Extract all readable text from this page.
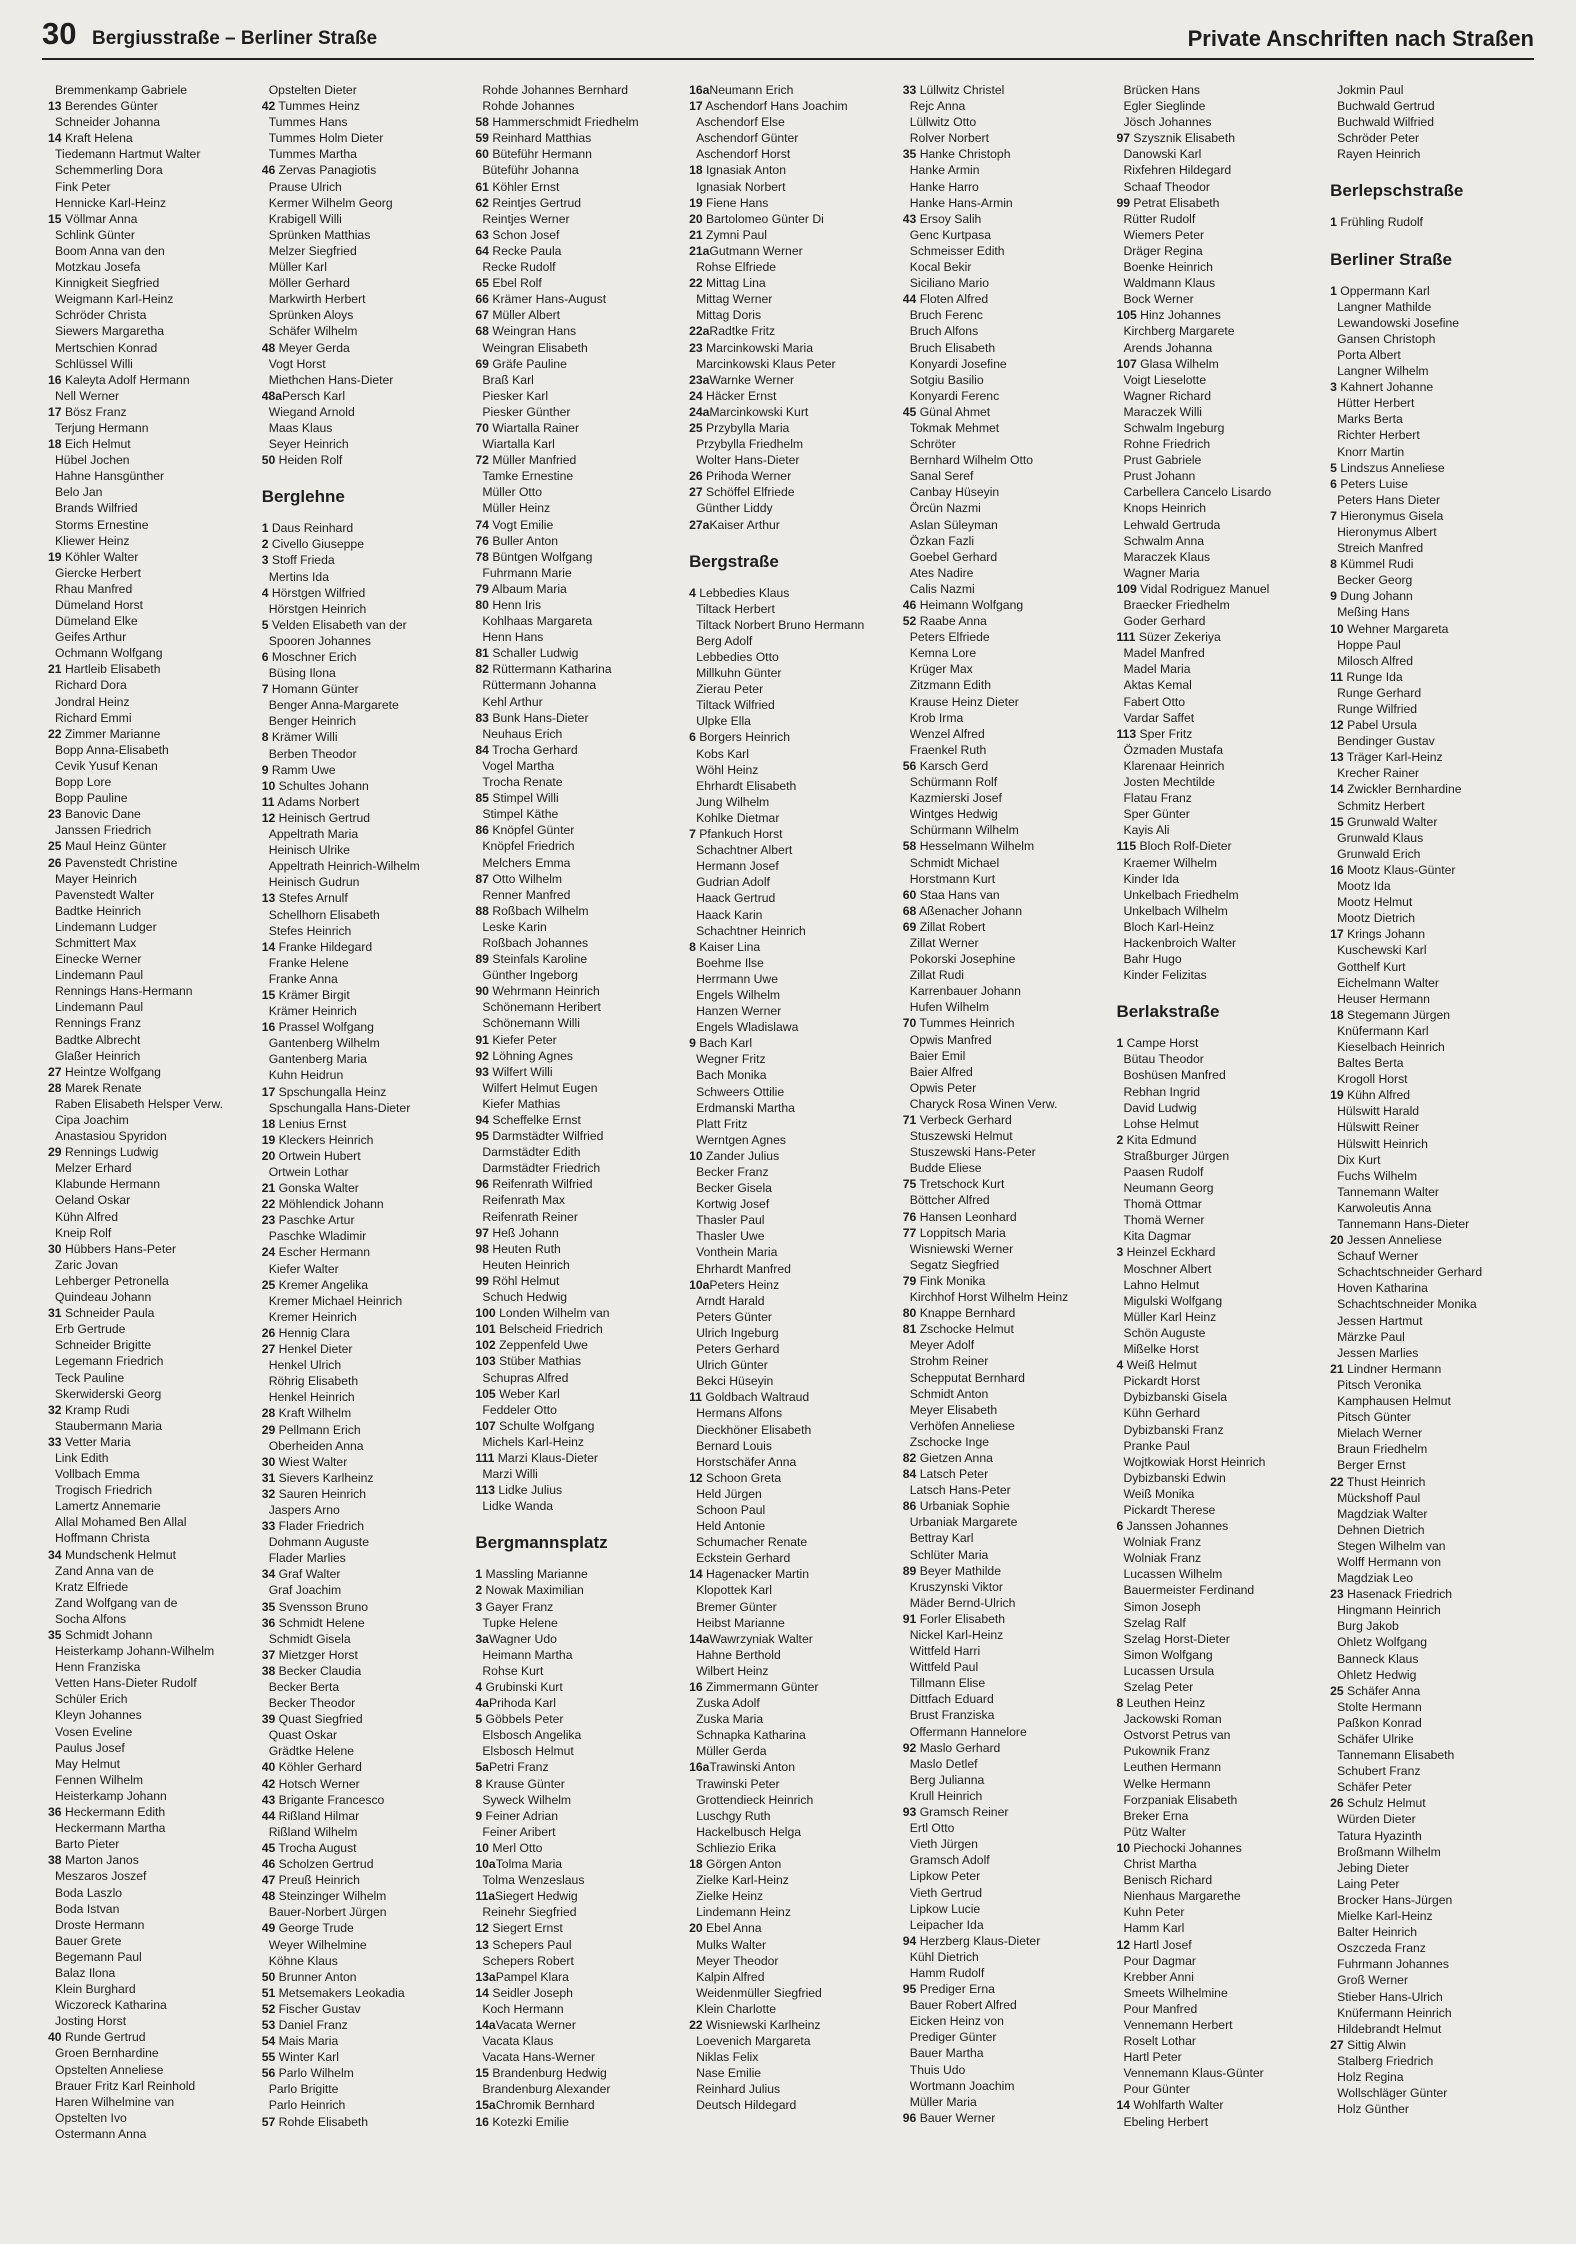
30 Bergiusstraße – Berliner Straße	Private Anschriften nach Straßen
Bremmenkamp Gabriele
13 Berendes Günter
Schneider Johanna
14 Kraft Helena
Tiedemann Hartmut Walter
Schemmerling Dora
Fink Peter
Hennicke Karl-Heinz
15 Völlmar Anna
Schlink Günter
Boom Anna van den
Motzkau Josefa
Kinnigkeit Siegfried
Weigmann Karl-Heinz
Schröder Christa
Siewers Margaretha
Mertschien Konrad
Schlüssel Willi
16 Kaleyta Adolf Hermann
Nell Werner
17 Bösz Franz
Terjung Hermann
18 Eich Helmut
Hübel Jochen
Hahne Hansgünther
Belo Jan
Brands Wilfried
Storms Ernestine
Kliewer Heinz
19 Köhler Walter
Giercke Herbert
Rhau Manfred
Dümeland Horst
Dümeland Elke
Geifes Arthur
Ochmann Wolfgang
21 Hartleib Elisabeth
Richard Dora
Jondral Heinz
Richard Emmi
22 Zimmer Marianne
Bopp Anna-Elisabeth
Cevik Yusuf Kenan
Bopp Lore
Bopp Pauline
23 Banovic Dane
Janssen Friedrich
25 Maul Heinz Günter
26 Pavenstedt Christine
Mayer Heinrich
Pavenstedt Walter
Badtke Heinrich
Lindemann Ludger
Schmittert Max
Einecke Werner
Lindemann Paul
Rennings Hans-Hermann
Lindemann Paul
Rennings Franz
Badtke Albrecht
Glaßer Heinrich
27 Heintze Wolfgang
28 Marek Renate
Raben Elisabeth Helsper Verw.
Cipa Joachim
Anastasiou Spyridon
29 Rennings Ludwig
Melzer Erhard
Klabunde Hermann
Oeland Oskar
Kühn Alfred
Kneip Rolf
30 Hübbers Hans-Peter
Zaric Jovan
Lehberger Petronella
Quindeau Johann
31 Schneider Paula
Erb Gertrude
Schneider Brigitte
Legemann Friedrich
Teck Pauline
Skerwiderski Georg
32 Kramp Rudi
Staubermann Maria
33 Vetter Maria
Link Edith
Vollbach Emma
Trogisch Friedrich
Lamertz Annemarie
Allal Mohamed Ben Allal
Hoffmann Christa
34 Mundschenk Helmut
Zand Anna van de
Kratz Elfriede
Zand Wolfgang van de
Socha Alfons
35 Schmidt Johann
Heisterkamp Johann-Wilhelm
Henn Franziska
Vetten Hans-Dieter Rudolf
Schüler Erich
Kleyn Johannes
Vosen Eveline
Paulus Josef
May Helmut
Fennen Wilhelm
Heisterkamp Johann
36 Heckermann Edith
Heckermann Martha
Barto Pieter
38 Marton Janos
Meszaros Joszef
Boda Laszlo
Boda Istvan
Droste Hermann
Bauer Grete
Begemann Paul
Balaz Ilona
Klein Burghard
Wiczoreck Katharina
Josting Horst
40 Runde Gertrud
Groen Bernhardine
Opstelten Anneliese
Brauer Fritz Karl Reinhold
Haren Wilhelmine van
Opstelten Ivo
Ostermann Anna
Opstelten Dieter
42 Tummes Heinz
Tummes Hans
Tummes Holm Dieter
Tummes Martha
46 Zervas Panagiotis
Prause Ulrich
Kermer Wilhelm Georg
Krabigell Willi
Sprünken Matthias
Melzer Siegfried
Müller Karl
Möller Gerhard
Markwirth Herbert
Sprünken Aloys
Schäfer Wilhelm
48 Meyer Gerda
Vogt Horst
Miethchen Hans-Dieter
48aPersch Karl
Wiegand Arnold
Maas Klaus
Seyer Heinrich
50 Heiden Rolf
Berglehne
1 Daus Reinhard
2 Civello Giuseppe
3 Stoff Frieda
Mertins Ida
4 Hörstgen Wilfried
Hörstgen Heinrich
5 Velden Elisabeth van der
Spooren Johannes
6 Moschner Erich
Büsing Ilona
7 Homann Günter
Benger Anna-Margarete
Benger Heinrich
8 Krämer Willi
Berben Theodor
9 Ramm Uwe
10 Schultes Johann
11 Adams Norbert
12 Heinisch Gertrud
Appeltrath Maria
Heinisch Ulrike
Appeltrath Heinrich-Wilhelm
Heinisch Gudrun
13 Stefes Arnulf
Schellhorn Elisabeth
Stefes Heinrich
14 Franke Hildegard
Franke Helene
Franke Anna
15 Krämer Birgit
Krämer Heinrich
16 Prassel Wolfgang
Gantenberg Wilhelm
Gantenberg Maria
Kuhn Heidrun
17 Spschungalla Heinz
Spschungalla Hans-Dieter
18 Lenius Ernst
19 Kleckers Heinrich
20 Ortwein Hubert
Ortwein Lothar
21 Gonska Walter
22 Möhlendick Johann
23 Paschke Artur
Paschke Wladimir
24 Escher Hermann
Kiefer Walter
25 Kremer Angelika
Kremer Michael Heinrich
Kremer Heinrich
26 Hennig Clara
27 Henkel Dieter
Henkel Ulrich
Röhrig Elisabeth
Henkel Heinrich
28 Kraft Wilhelm
29 Pellmann Erich
Oberheiden Anna
30 Wiest Walter
31 Sievers Karlheinz
32 Sauren Heinrich
Jaspers Arno
33 Flader Friedrich
Dohmann Auguste
Flader Marlies
34 Graf Walter
Graf Joachim
35 Svensson Bruno
36 Schmidt Helene
Schmidt Gisela
37 Mietzger Horst
38 Becker Claudia
Becker Berta
Becker Theodor
39 Quast Siegfried
Quast Oskar
Grädtke Helene
40 Köhler Gerhard
42 Hotsch Werner
43 Brigante Francesco
44 Rißland Hilmar
Rißland Wilhelm
45 Trocha August
46 Scholzen Gertrud
47 Preuß Heinrich
48 Steinzinger Wilhelm
Bauer-Norbert Jürgen
49 George Trude
Weyer Wilhelmine
Köhne Klaus
50 Brunner Anton
51 Metsemakers Leokadia
52 Fischer Gustav
53 Daniel Franz
54 Mais Maria
55 Winter Karl
56 Parlo Wilhelm
Parlo Brigitte
Parlo Heinrich
57 Rohde Elisabeth
Rohde Johannes Bernhard
Rohde Johannes
58 Hammerschmidt Friedhelm
59 Reinhard Matthias
60 Büteführ Hermann
Büteführ Johanna
61 Köhler Ernst
62 Reintjes Gertrud
Reintjes Werner
63 Schon Josef
64 Recke Paula
Recke Rudolf
65 Ebel Rolf
66 Krämer Hans-August
67 Müller Albert
68 Weingran Hans
Weingran Elisabeth
69 Gräfe Pauline
Braß Karl
Piesker Karl
Piesker Günther
70 Wiartalla Rainer
Wiartalla Karl
72 Müller Manfried
Tamke Ernestine
Müller Otto
Müller Heinz
74 Vogt Emilie
76 Buller Anton
78 Büntgen Wolfgang
Fuhrmann Marie
79 Albaum Maria
80 Henn Iris
Kohlhaas Margareta
Henn Hans
81 Schaller Ludwig
82 Rüttermann Katharina
Rüttermann Johanna
Kehl Arthur
83 Bunk Hans-Dieter
Neuhaus Erich
84 Trocha Gerhard
Vogel Martha
Trocha Renate
85 Stimpel Willi
Stimpel Käthe
86 Knöpfel Günter
Knöpfel Friedrich
Melchers Emma
87 Otto Wilhelm
Renner Manfred
88 Roßbach Wilhelm
Leske Karin
Roßbach Johannes
89 Steinfals Karoline
Günther Ingeborg
90 Wehrmann Heinrich
Schönemann Heribert
Schönemann Willi
91 Kiefer Peter
92 Löhning Agnes
93 Wilfert Willi
Wilfert Helmut Eugen
Kiefer Mathias
94 Scheffelke Ernst
95 Darmstädter Wilfried
Darmstädter Edith
Darmstädter Friedrich
96 Reifenrath Wilfried
Reifenrath Max
Reifenrath Reiner
97 Heß Johann
98 Heuten Ruth
Heuten Heinrich
99 Röhl Helmut
Schuch Hedwig
100 Londen Wilhelm van
101 Belscheid Friedrich
102 Zeppenfeld Uwe
103 Stüber Mathias
Schupras Alfred
105 Weber Karl
Feddeler Otto
107 Schulte Wolfgang
Michels Karl-Heinz
111 Marzi Klaus-Dieter
Marzi Willi
113 Lidke Julius
Lidke Wanda
Bergmannsplatz
1 Massling Marianne
2 Nowak Maximilian
3 Gayer Franz
Tupke Helene
3aWagner Udo
Heimann Martha
Rohse Kurt
4 Grubinski Kurt
4aPrihoda Karl
5 Göbbels Peter
Elsbosch Angelika
Elsbosch Helmut
5aPetri Franz
8 Krause Günter
Syweck Wilhelm
9 Feiner Adrian
Feiner Aribert
10 Merl Otto
10aTolma Maria
Tolma Wenzeslaus
11aSiegert Hedwig
Reinehr Siegfried
12 Siegert Ernst
13 Schepers Paul
Schepers Robert
13aPampel Klara
14 Seidler Joseph
Koch Hermann
14aVacata Werner
Vacata Klaus
Vacata Hans-Werner
15 Brandenburg Hedwig
Brandenburg Alexander
15aChromik Bernhard
16 Kotezki Emilie
16aNeumann Erich
17 Aschendorf Hans Joachim
Aschendorf Else
Aschendorf Günter
Aschendorf Horst
18 Ignasiak Anton
Ignasiak Norbert
19 Fiene Hans
20 Bartolomeo Günter Di
21 Zymni Paul
21aGutmann Werner
Rohse Elfriede
22 Mittag Lina
Mittag Werner
Mittag Doris
22aRadtke Fritz
23 Marcinkowski Maria
Marcinkowski Klaus Peter
23aWarnke Werner
24 Häcker Ernst
24aMarcinkowski Kurt
25 Przybylla Maria
Przybylla Friedhelm
Wolter Hans-Dieter
26 Prihoda Werner
27 Schöffel Elfriede
Günther Liddy
27aKaiser Arthur
Bergstraße
4 Lebbedies Klaus
Tiltack Herbert
Tiltack Norbert Bruno Hermann
Berg Adolf
Lebbedies Otto
Millkuhn Günter
Zierau Peter
Tiltack Wilfried
Ulpke Ella
6 Borgers Heinrich
Kobs Karl
Wöhl Heinz
Ehrhardt Elisabeth
Jung Wilhelm
Kohlke Dietmar
7 Pfankuch Horst
Schachtner Albert
Hermann Josef
Gudrian Adolf
Haack Gertrud
Haack Karin
Schachtner Heinrich
8 Kaiser Lina
Boehme Ilse
Herrmann Uwe
Engels Wilhelm
Hanzen Werner
Engels Wladislawa
9 Bach Karl
Wegner Fritz
Bach Monika
Schweers Ottilie
Erdmanski Martha
Platt Fritz
Werntgen Agnes
10 Zander Julius
Becker Franz
Becker Gisela
Kortwig Josef
Thasler Paul
Thasler Uwe
Vonthein Maria
Ehrhardt Manfred
10aPeters Heinz
Arndt Harald
Peters Günter
Ulrich Ingeburg
Peters Gerhard
Ulrich Günter
Bekci Hüseyin
11 Goldbach Waltraud
Hermans Alfons
Dieckhöner Elisabeth
Bernard Louis
Horstschäfer Anna
12 Schoon Greta
Held Jürgen
Schoon Paul
Held Antonie
Schumacher Renate
Eckstein Gerhard
14 Hagenacker Martin
Klopottek Karl
Bremer Günter
Heibst Marianne
14aWawrzyniak Walter
Hahne Berthold
Wilbert Heinz
16 Zimmermann Günter
Zuska Adolf
Zuska Maria
Schnapka Katharina
Müller Gerda
16aTrawinski Anton
Trawinski Peter
Grottendieck Heinrich
Luschgy Ruth
Hackelbusch Helga
Schliezio Erika
18 Görgen Anton
Zielke Karl-Heinz
Zielke Heinz
Lindemann Heinz
20 Ebel Anna
Mulks Walter
Meyer Theodor
Kalpin Alfred
Weidenmüller Siegfried
Klein Charlotte
22 Wisniewski Karlheinz
Loevenich Margareta
Niklas Felix
Nase Emilie
Reinhard Julius
Deutsch Hildegard
33 Lüllwitz Christel
Rejc Anna
Lüllwitz Otto
Rolver Norbert
35 Hanke Christoph
Hanke Armin
Hanke Harro
Hanke Hans-Armin
43 Ersoy Salih
Genc Kurtpasa
Schmeisser Edith
Kocal Bekir
Siciliano Mario
44 Floten Alfred
Bruch Ferenc
Bruch Alfons
Bruch Elisabeth
Konyardi Josefine
Sotgiu Basilio
Konyardi Ferenc
45 Günal Ahmet
Tokmak Mehmet
Schröter
Bernhard Wilhelm Otto
Sanal Seref
Canbay Hüseyin
Örcün Nazmi
Aslan Süleyman
Özkan Fazli
Goebel Gerhard
Ates Nadire
Calis Nazmi
46 Heimann Wolfgang
52 Raabe Anna
Peters Elfriede
Kemna Lore
Krüger Max
Zitzmann Edith
Krause Heinz Dieter
Krob Irma
Wenzel Alfred
Fraenkel Ruth
56 Karsch Gerd
Schürmann Rolf
Kazmierski Josef
Wintges Hedwig
Schürmann Wilhelm
58 Hesselmann Wilhelm
Schmidt Michael
Horstmann Kurt
60 Staa Hans van
68 Aßenacher Johann
69 Zillat Robert
Zillat Werner
Pokorski Josephine
Zillat Rudi
Karrenbauer Johann
Hufen Wilhelm
70 Tummes Heinrich
Opwis Manfred
Baier Emil
Baier Alfred
Opwis Peter
Charyck Rosa Winen Verw.
71 Verbeck Gerhard
Stuszewski Helmut
Stuszewski Hans-Peter
Budde Eliese
75 Tretschock Kurt
Böttcher Alfred
76 Hansen Leonhard
77 Loppitsch Maria
Wisniewski Werner
Segatz Siegfried
79 Fink Monika
Kirchhof Horst Wilhelm Heinz
80 Knappe Bernhard
81 Zschocke Helmut
Meyer Adolf
Strohm Reiner
Schepputat Bernhard
Schmidt Anton
Meyer Elisabeth
Verhöfen Anneliese
Zschocke Inge
82 Gietzen Anna
84 Latsch Peter
Latsch Hans-Peter
86 Urbaniak Sophie
Urbaniak Margarete
Bettray Karl
Schlüter Maria
89 Beyer Mathilde
Kruszynski Viktor
Mäder Bernd-Ulrich
91 Forler Elisabeth
Nickel Karl-Heinz
Wittfeld Harri
Wittfeld Paul
Tillmann Elise
Dittfach Eduard
Brust Franziska
Offermann Hannelore
92 Maslo Gerhard
Maslo Detlef
Berg Julianna
Krull Heinrich
93 Gramsch Reiner
Ertl Otto
Vieth Jürgen
Gramsch Adolf
Lipkow Peter
Vieth Gertrud
Lipkow Lucie
Leipacher Ida
94 Herzberg Klaus-Dieter
Kühl Dietrich
Hamm Rudolf
95 Prediger Erna
Bauer Robert Alfred
Eicken Heinz von
Prediger Günter
Bauer Martha
Thuis Udo
Wortmann Joachim
Müller Maria
96 Bauer Werner
Brücken Hans
Egler Sieglinde
Jösch Johannes
97 Szysznik Elisabeth
Danowski Karl
Rixfehren Hildegard
Schaaf Theodor
99 Petrat Elisabeth
Rütter Rudolf
Wiemers Peter
Dräger Regina
Boenke Heinrich
Waldmann Klaus
Bock Werner
105 Hinz Johannes
Kirchberg Margarete
Arends Johanna
107 Glasa Wilhelm
Voigt Lieselotte
Wagner Richard
Maraczek Willi
Schwalm Ingeburg
Rohne Friedrich
Prust Gabriele
Prust Johann
Carbellera Cancelo Lisardo
Knops Heinrich
Lehwald Gertruda
Schwalm Anna
Maraczek Klaus
Wagner Maria
109 Vidal Rodriguez Manuel
Braecker Friedhelm
Goder Gerhard
111 Süzer Zekeriya
Madel Manfred
Madel Maria
Aktas Kemal
Fabert Otto
Vardar Saffet
113 Sper Fritz
Özmaden Mustafa
Klarenaar Heinrich
Josten Mechtilde
Flatau Franz
Sper Günter
Kayis Ali
115 Bloch Rolf-Dieter
Kraemer Wilhelm
Kinder Ida
Unkelbach Friedhelm
Unkelbach Wilhelm
Bloch Karl-Heinz
Hackenbroich Walter
Bahr Hugo
Kinder Felizitas
Berlakstraße
1 Campe Horst
Bütau Theodor
Boshüsen Manfred
Rebhan Ingrid
David Ludwig
Lohse Helmut
2 Kita Edmund
Straßburger Jürgen
Paasen Rudolf
Neumann Georg
Thomä Ottmar
Thomä Werner
Kita Dagmar
3 Heinzel Eckhard
Moschner Albert
Lahno Helmut
Migulski Wolfgang
Müller Karl Heinz
Schön Auguste
Mißelke Horst
4 Weiß Helmut
Pickardt Horst
Dybizbanski Gisela
Kühn Gerhard
Dybizbanski Franz
Pranke Paul
Wojtkowiak Horst Heinrich
Dybizbanski Edwin
Weiß Monika
Pickardt Therese
6 Janssen Johannes
Wolniak Franz
Wolniak Franz
Lucassen Wilhelm
Bauermeister Ferdinand
Simon Joseph
Szelag Ralf
Szelag Horst-Dieter
Simon Wolfgang
Lucassen Ursula
Szelag Peter
8 Leuthen Heinz
Jackowski Roman
Ostvorst Petrus van
Pukownik Franz
Leuthen Hermann
Welke Hermann
Forzpaniak Elisabeth
Breker Erna
Pütz Walter
10 Piechocki Johannes
Christ Martha
Benisch Richard
Nienhaus Margarethe
Kuhn Peter
Hamm Karl
12 Hartl Josef
Pour Dagmar
Krebber Anni
Smeets Wilhelmine
Pour Manfred
Vennemann Herbert
Roselt Lothar
Hartl Peter
Vennemann Klaus-Günter
Pour Günter
14 Wohlfarth Walter
Ebeling Herbert
Jokmin Paul
Buchwald Gertrud
Buchwald Wilfried
Schröder Peter
Rayen Heinrich
Berlepschstraße
1 Frühling Rudolf
Berliner Straße
1 Oppermann Karl
Langner Mathilde
Lewandowski Josefine
Gansen Christoph
Porta Albert
Langner Wilhelm
3 Kahnert Johanne
Hütter Herbert
Marks Berta
Richter Herbert
Knorr Martin
5 Lindszus Anneliese
6 Peters Luise
Peters Hans Dieter
7 Hieronymus Gisela
Hieronymus Albert
Streich Manfred
8 Kümmel Rudi
Becker Georg
9 Dung Johann
Meßing Hans
10 Wehner Margareta
Hoppe Paul
Milosch Alfred
11 Runge Ida
Runge Gerhard
Runge Wilfried
12 Pabel Ursula
Bendinger Gustav
13 Träger Karl-Heinz
Krecher Rainer
14 Zwickler Bernhardine
Schmitz Herbert
15 Grunwald Walter
Grunwald Klaus
Grunwald Erich
16 Mootz Klaus-Günter
Mootz Ida
Mootz Helmut
Mootz Dietrich
17 Krings Johann
Kuschewski Karl
Gotthelf Kurt
Eichelmann Walter
Heuser Hermann
18 Stegemann Jürgen
Knüfermann Karl
Kieselbach Heinrich
Baltes Berta
Krogoll Horst
19 Kühn Alfred
Hülswitt Harald
Hülswitt Reiner
Hülswitt Heinrich
Dix Kurt
Fuchs Wilhelm
Tannemann Walter
Karwoleutis Anna
Tannemann Hans-Dieter
20 Jessen Anneliese
Schauf Werner
Schachtschneider Gerhard
Hoven Katharina
Schachtschneider Monika
Jessen Hartmut
Märzke Paul
Jessen Marlies
21 Lindner Hermann
Pitsch Veronika
Kamphausen Helmut
Pitsch Günter
Mielach Werner
Braun Friedhelm
Berger Ernst
22 Thust Heinrich
Mückshoff Paul
Magdziak Walter
Dehnen Dietrich
Stegen Wilhelm van
Wolff Hermann von
Magdziak Leo
23 Hasenack Friedrich
Hingmann Heinrich
Burg Jakob
Ohletz Wolfgang
Banneck Klaus
Ohletz Hedwig
25 Schäfer Anna
Stolte Hermann
Paßkon Konrad
Schäfer Ulrike
Tannemann Elisabeth
Schubert Franz
Schäfer Peter
26 Schulz Helmut
Würden Dieter
Tatura Hyazinth
Broßmann Wilhelm
Jebing Dieter
Laing Peter
Brocker Hans-Jürgen
Mielke Karl-Heinz
Balter Heinrich
Oszczeda Franz
Fuhrmann Johannes
Groß Werner
Stieber Hans-Ulrich
Knüfermann Heinrich
Hildebrandt Helmut
27 Sittig Alwin
Stalberg Friedrich
Holz Regina
Wollschläger Günter
Holz Günther
